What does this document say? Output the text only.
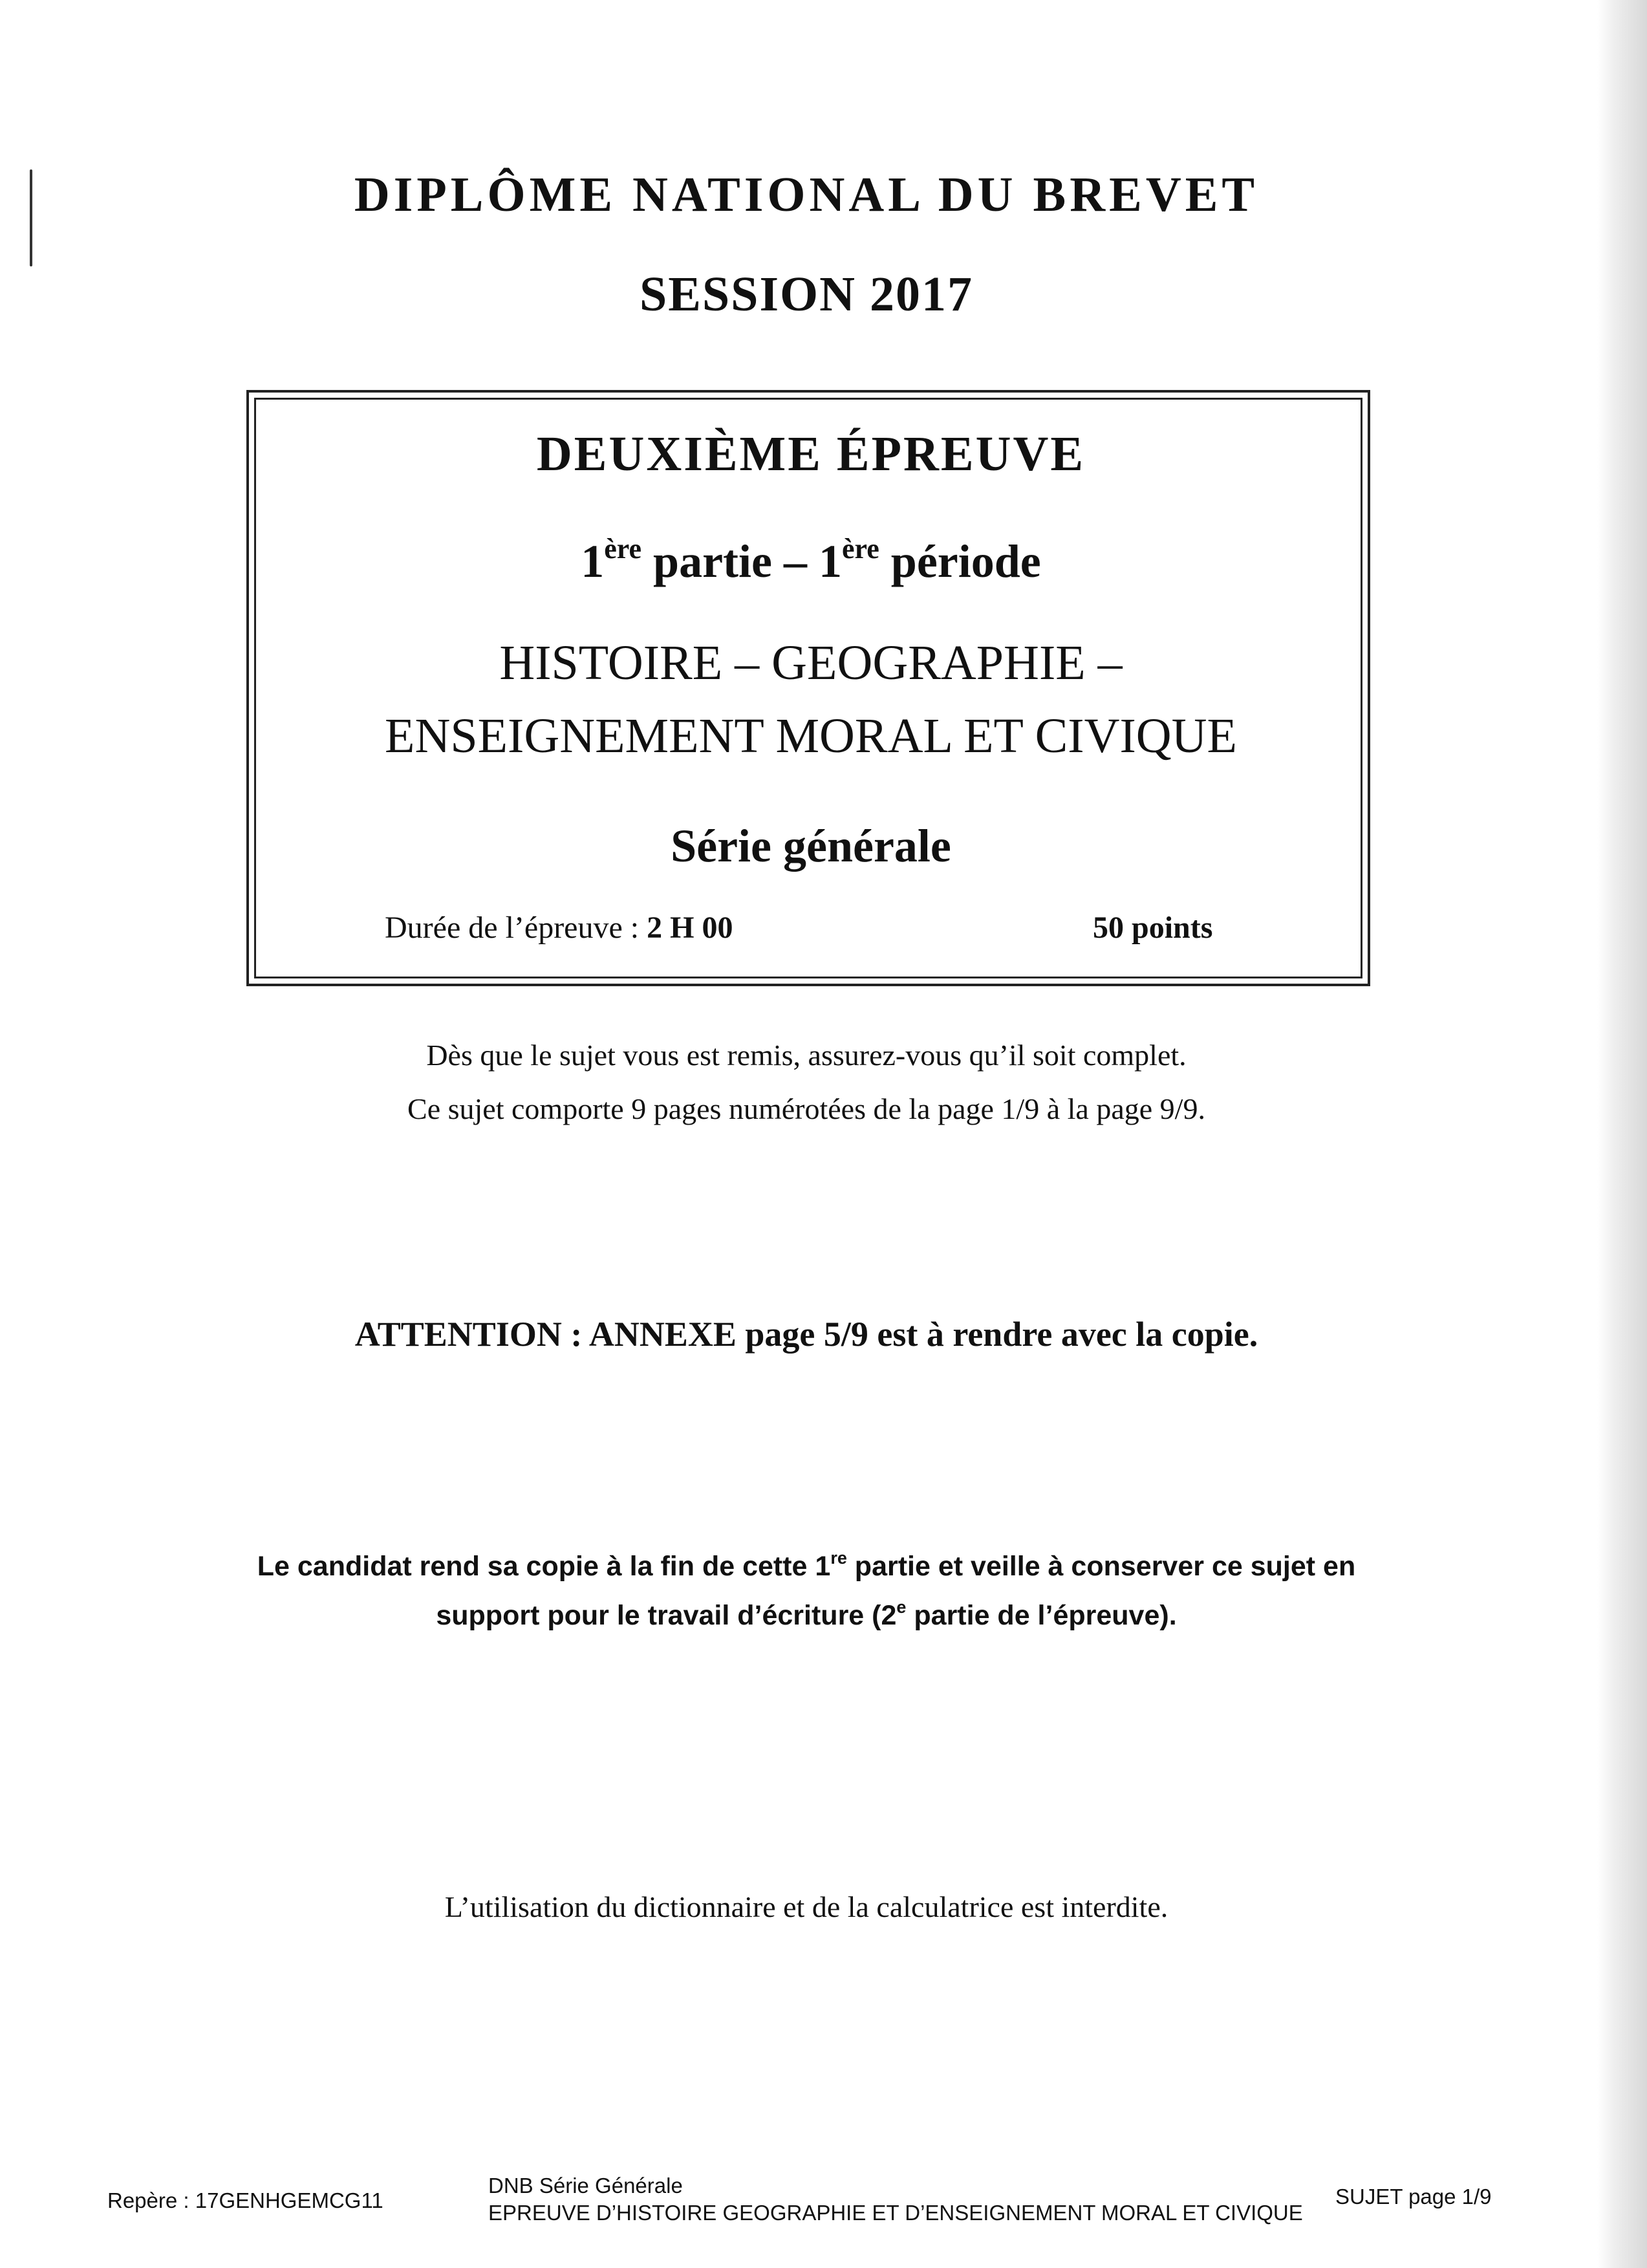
DIPLÔME NATIONAL DU BREVET
SESSION 2017
DEUXIÈME ÉPREUVE
1ère partie – 1ère période
HISTOIRE – GEOGRAPHIE –
ENSEIGNEMENT MORAL ET CIVIQUE
Série générale
Durée de l’épreuve : 2 H 00	50 points

Dès que le sujet vous est remis, assurez-vous qu’il soit complet.

Ce sujet comporte 9 pages numérotées de la page 1/9 à la page 9/9.

ATTENTION : ANNEXE page 5/9 est à rendre avec la copie.

Le candidat rend sa copie à la fin de cette 1re partie et veille à conserver ce sujet en

support pour le travail d’écriture (2e partie de l’épreuve).

L’utilisation du dictionnaire et de la calculatrice est interdite.

Repère : 17GENHGEMCG11
DNB Série Générale
EPREUVE D’HISTOIRE GEOGRAPHIE ET D’ENSEIGNEMENT MORAL ET CIVIQUE
SUJET page 1/9
